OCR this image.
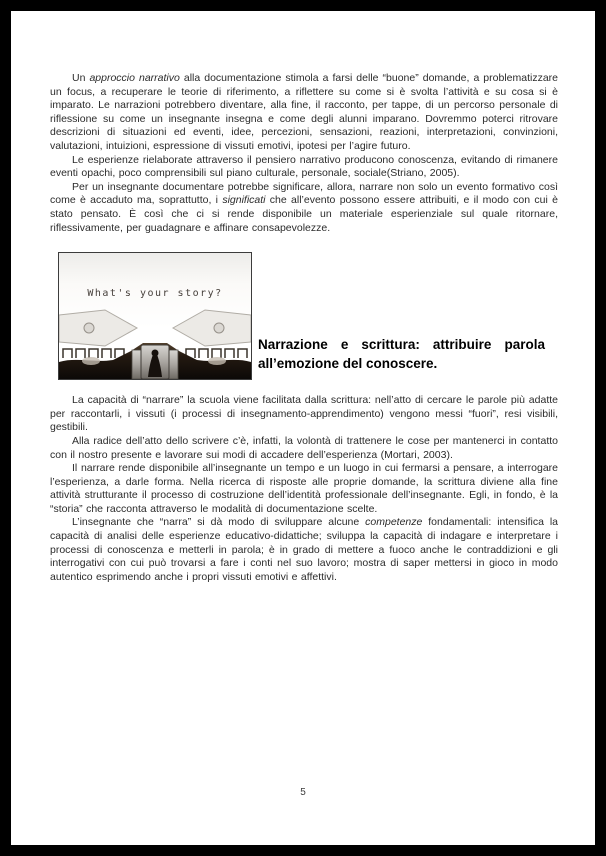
Un approccio narrativo alla documentazione stimola a farsi delle “buone” domande, a problematizzare un focus, a recuperare le teorie di riferimento, a riflettere su come si è svolta l’attività e su cosa si è imparato. Le narrazioni potrebbero diventare, alla fine, il racconto, per tappe, di un percorso personale di riflessione su come un insegnante insegna e come degli alunni imparano. Dovremmo poterci ritrovare descrizioni di situazioni ed eventi, idee, percezioni, sensazioni, reazioni, interpretazioni, convinzioni, valutazioni, intuizioni, espressione di vissuti emotivi, ipotesi per l’agire futuro.

Le esperienze rielaborate attraverso il pensiero narrativo producono conoscenza, evitando di rimanere eventi opachi, poco comprensibili sul piano culturale, personale, sociale(Striano, 2005).

Per un insegnante documentare potrebbe significare, allora, narrare non solo un evento formativo così come è accaduto ma, soprattutto, i significati che all’evento possono essere attribuiti, e il modo con cui è stato pensato. È così che ci si rende disponibile un materiale esperienziale sul quale ritornare, riflessivamente, per guadagnare e affinare consapevolezze.

What's your story?
Narrazione e scrittura: attribuire parola all’emozione del conoscere.

La capacità di “narrare” la scuola viene facilitata dalla scrittura: nell’atto di cercare le parole più adatte per raccontarli, i vissuti (i processi di insegnamento-apprendimento) vengono messi “fuori”, resi visibili, gestibili.

Alla radice dell’atto dello scrivere c’è, infatti, la volontà di trattenere le cose per mantenerci in contatto con il nostro presente e lavorare sui modi di accadere dell’esperienza (Mortari, 2003).

Il narrare rende disponibile all’insegnante un tempo e un luogo in cui fermarsi a pensare, a interrogare l’esperienza, a darle forma. Nella ricerca di risposte alle proprie domande, la scrittura diviene alla fine attività strutturante il processo di costruzione dell’identità professionale dell’insegnante. Egli, in fondo, è la “storia” che racconta attraverso le modalità di documentazione scelte.

L’insegnante che “narra” si dà modo di sviluppare alcune competenze fondamentali: intensifica la capacità di analisi delle esperienze educativo-didattiche; sviluppa la capacità di indagare e interpretare i processi di conoscenza e metterli in parola; è in grado di mettere a fuoco anche le contraddizioni e gli interrogativi con cui può trovarsi a fare i conti nel suo lavoro; mostra di saper mettersi in gioco in modo autentico esprimendo anche i propri vissuti emotivi e affettivi.

5
